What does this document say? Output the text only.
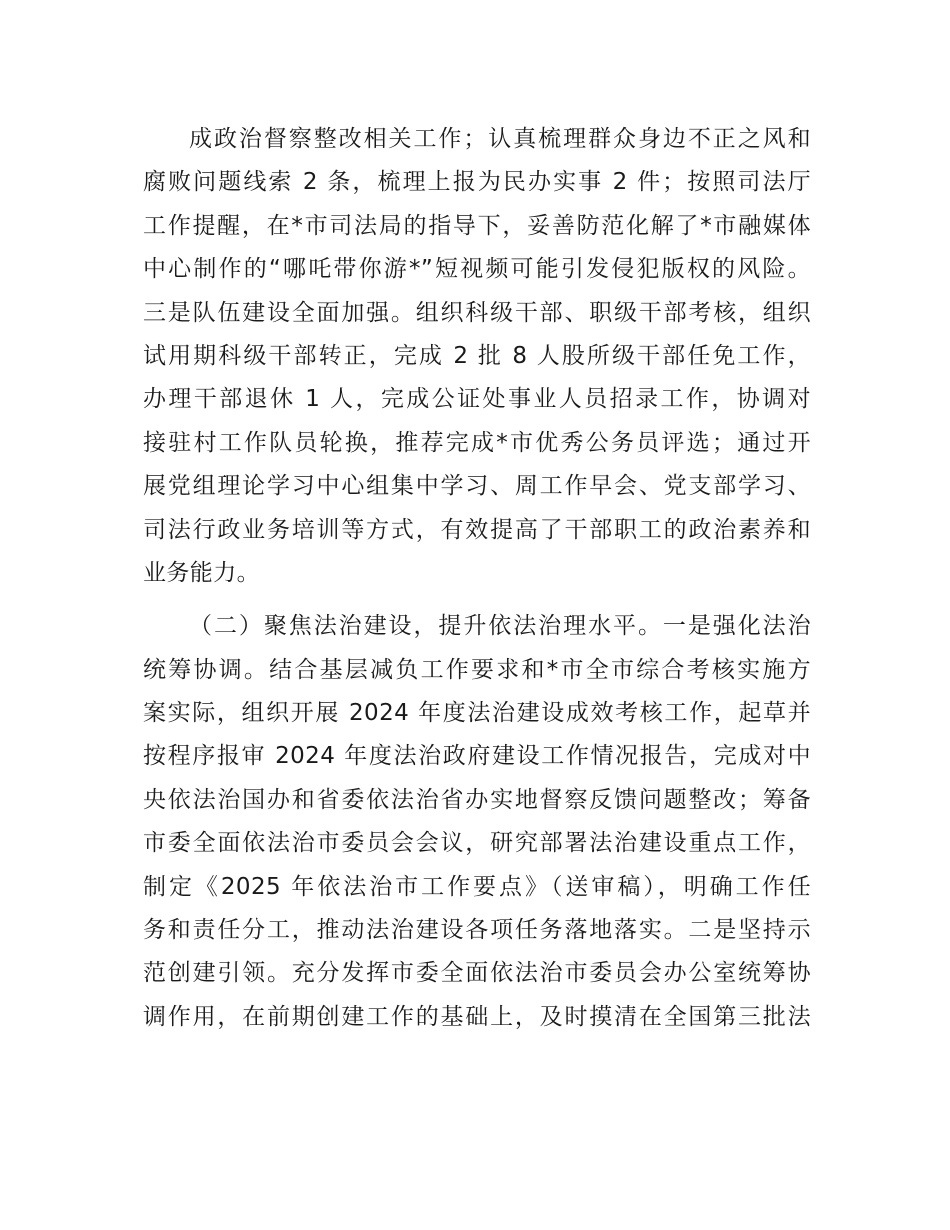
成政治督察整改相关工作；认真梳理群众身边不正之风和
腐败问题线索 2 条，梳理上报为民办实事 2 件；按照司法厅
工作提醒，在*市司法局的指导下，妥善防范化解了*市融媒体
中心制作的“哪吒带你游*”短视频可能引发侵犯版权的风险。
三是队伍建设全面加强。组织科级干部、职级干部考核，组织
试用期科级干部转正，完成 2 批 8 人股所级干部任免工作，
办理干部退休 1 人，完成公证处事业人员招录工作，协调对
接驻村工作队员轮换，推荐完成*市优秀公务员评选；通过开
展党组理论学习中心组集中学习、周工作早会、党支部学习、
司法行政业务培训等方式，有效提高了干部职工的政治素养和
业务能力。
（二）聚焦法治建设，提升依法治理水平。一是强化法治
统筹协调。结合基层减负工作要求和*市全市综合考核实施方
案实际，组织开展 2024 年度法治建设成效考核工作，起草并
按程序报审 2024 年度法治政府建设工作情况报告，完成对中
央依法治国办和省委依法治省办实地督察反馈问题整改；筹备
市委全面依法治市委员会会议，研究部署法治建设重点工作，
制定《2025 年依法治市工作要点》（送审稿），明确工作任
务和责任分工，推动法治建设各项任务落地落实。二是坚持示
范创建引领。充分发挥市委全面依法治市委员会办公室统筹协
调作用，在前期创建工作的基础上，及时摸清在全国第三批法
